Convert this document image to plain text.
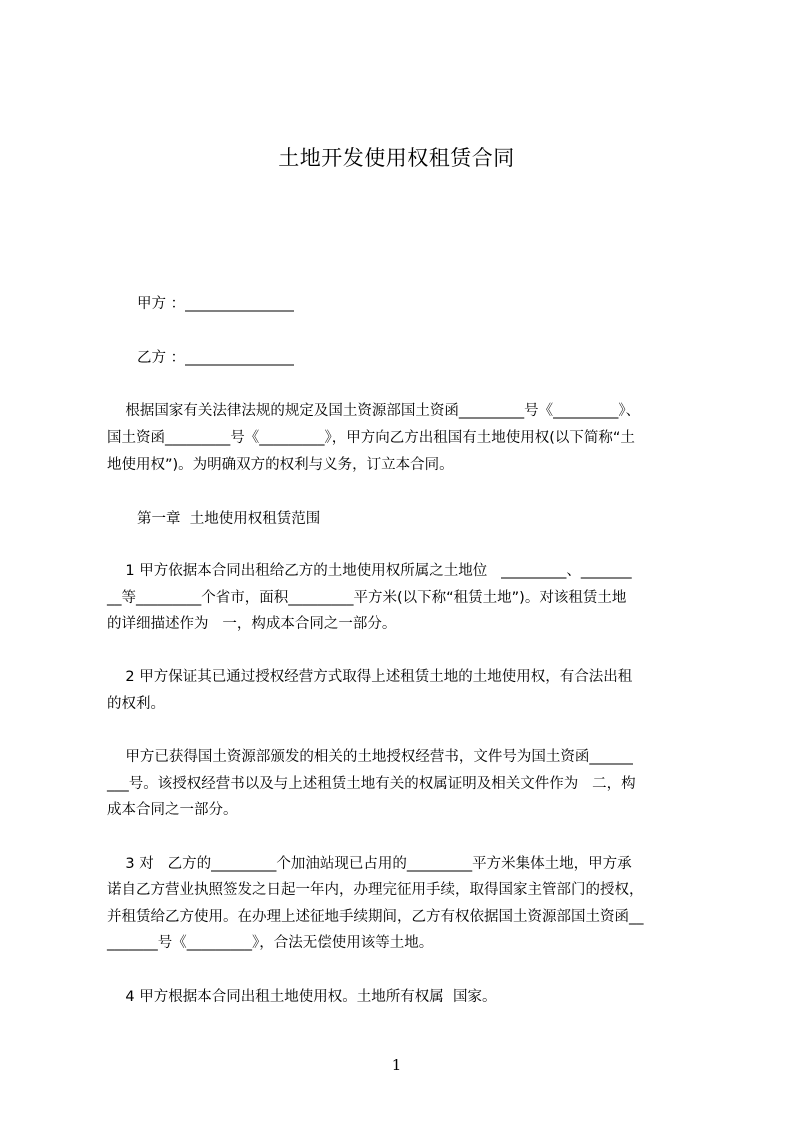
土地开发使用权租赁合同
甲方 ：_______________
乙方 ：_______________
根据国家有关法律法规的规定及国土资源部国土资函_________号《_________》、
国土资函_________号《_________》，甲方向乙方出租国有土地使用权(以下简称“土
地使用权”)。为明确双方的权利与义务，订立本合同。
第一章  土地使用权租赁范围
1 甲方依据本合同出租给乙方的土地使用权所属之土地位   _________、_______
__等_________个省市，面积_________平方米(以下称“租赁土地”)。对该租赁土地
的详细描述作为   一，构成本合同之一部分。
2 甲方保证其已通过授权经营方式取得上述租赁土地的土地使用权，有合法出租
的权利。
甲方已获得国土资源部颁发的相关的土地授权经营书，文件号为国土资函______
___号。该授权经营书以及与上述租赁土地有关的权属证明及相关文件作为   二，构
成本合同之一部分。
3 对   乙方的_________个加油站现已占用的_________平方米集体土地，甲方承
诺自乙方营业执照签发之日起一年内，办理完征用手续，取得国家主管部门的授权，
并租赁给乙方使用。在办理上述征地手续期间，乙方有权依据国土资源部国土资函__
_______号《_________》，合法无偿使用该等土地。
4 甲方根据本合同出租土地使用权。土地所有权属  国家。
1
